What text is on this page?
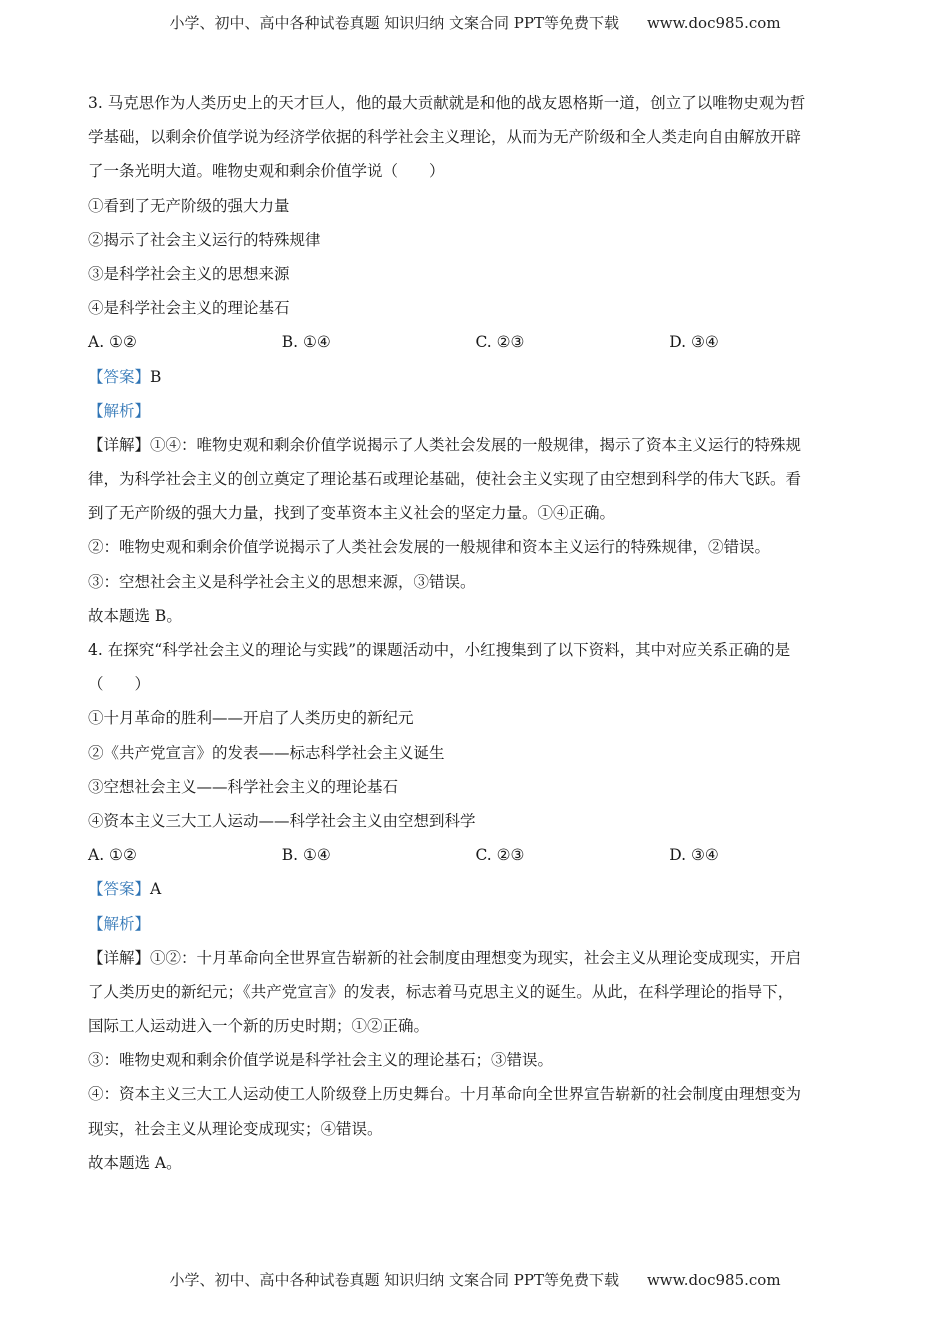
小学、初中、高中各种试卷真题 知识归纳 文案合同 PPT等免费下载 www.doc985.com
3. 马克思作为人类历史上的天才巨人，他的最大贡献就是和他的战友恩格斯一道，创立了以唯物史观为哲
学基础，以剩余价值学说为经济学依据的科学社会主义理论，从而为无产阶级和全人类走向自由解放开辟
了一条光明大道。唯物史观和剩余价值学说（　　）
①看到了无产阶级的强大力量
②揭示了社会主义运行的特殊规律
③是科学社会主义的思想来源
④是科学社会主义的理论基石
A. ①②	B. ①④	C. ②③	D. ③④
【答案】B
【解析】
【详解】①④：唯物史观和剩余价值学说揭示了人类社会发展的一般规律，揭示了资本主义运行的特殊规
律，为科学社会主义的创立奠定了理论基石或理论基础，使社会主义实现了由空想到科学的伟大飞跃。看
到了无产阶级的强大力量，找到了变革资本主义社会的坚定力量。①④正确。
②：唯物史观和剩余价值学说揭示了人类社会发展的一般规律和资本主义运行的特殊规律，②错误。
③：空想社会主义是科学社会主义的思想来源，③错误。
故本题选 B。
4. 在探究“科学社会主义的理论与实践”的课题活动中，小红搜集到了以下资料，其中对应关系正确的是
（　　）
①十月革命的胜利——开启了人类历史的新纪元
②《共产党宣言》的发表——标志科学社会主义诞生
③空想社会主义——科学社会主义的理论基石
④资本主义三大工人运动——科学社会主义由空想到科学
A. ①②	B. ①④	C. ②③	D. ③④
【答案】A
【解析】
【详解】①②：十月革命向全世界宣告崭新的社会制度由理想变为现实，社会主义从理论变成现实，开启
了人类历史的新纪元；《共产党宣言》的发表，标志着马克思主义的诞生。从此，在科学理论的指导下，
国际工人运动进入一个新的历史时期；①②正确。
③：唯物史观和剩余价值学说是科学社会主义的理论基石；③错误。
④：资本主义三大工人运动使工人阶级登上历史舞台。十月革命向全世界宣告崭新的社会制度由理想变为
现实，社会主义从理论变成现实；④错误。
故本题选 A。
小学、初中、高中各种试卷真题 知识归纳 文案合同 PPT等免费下载 www.doc985.com
